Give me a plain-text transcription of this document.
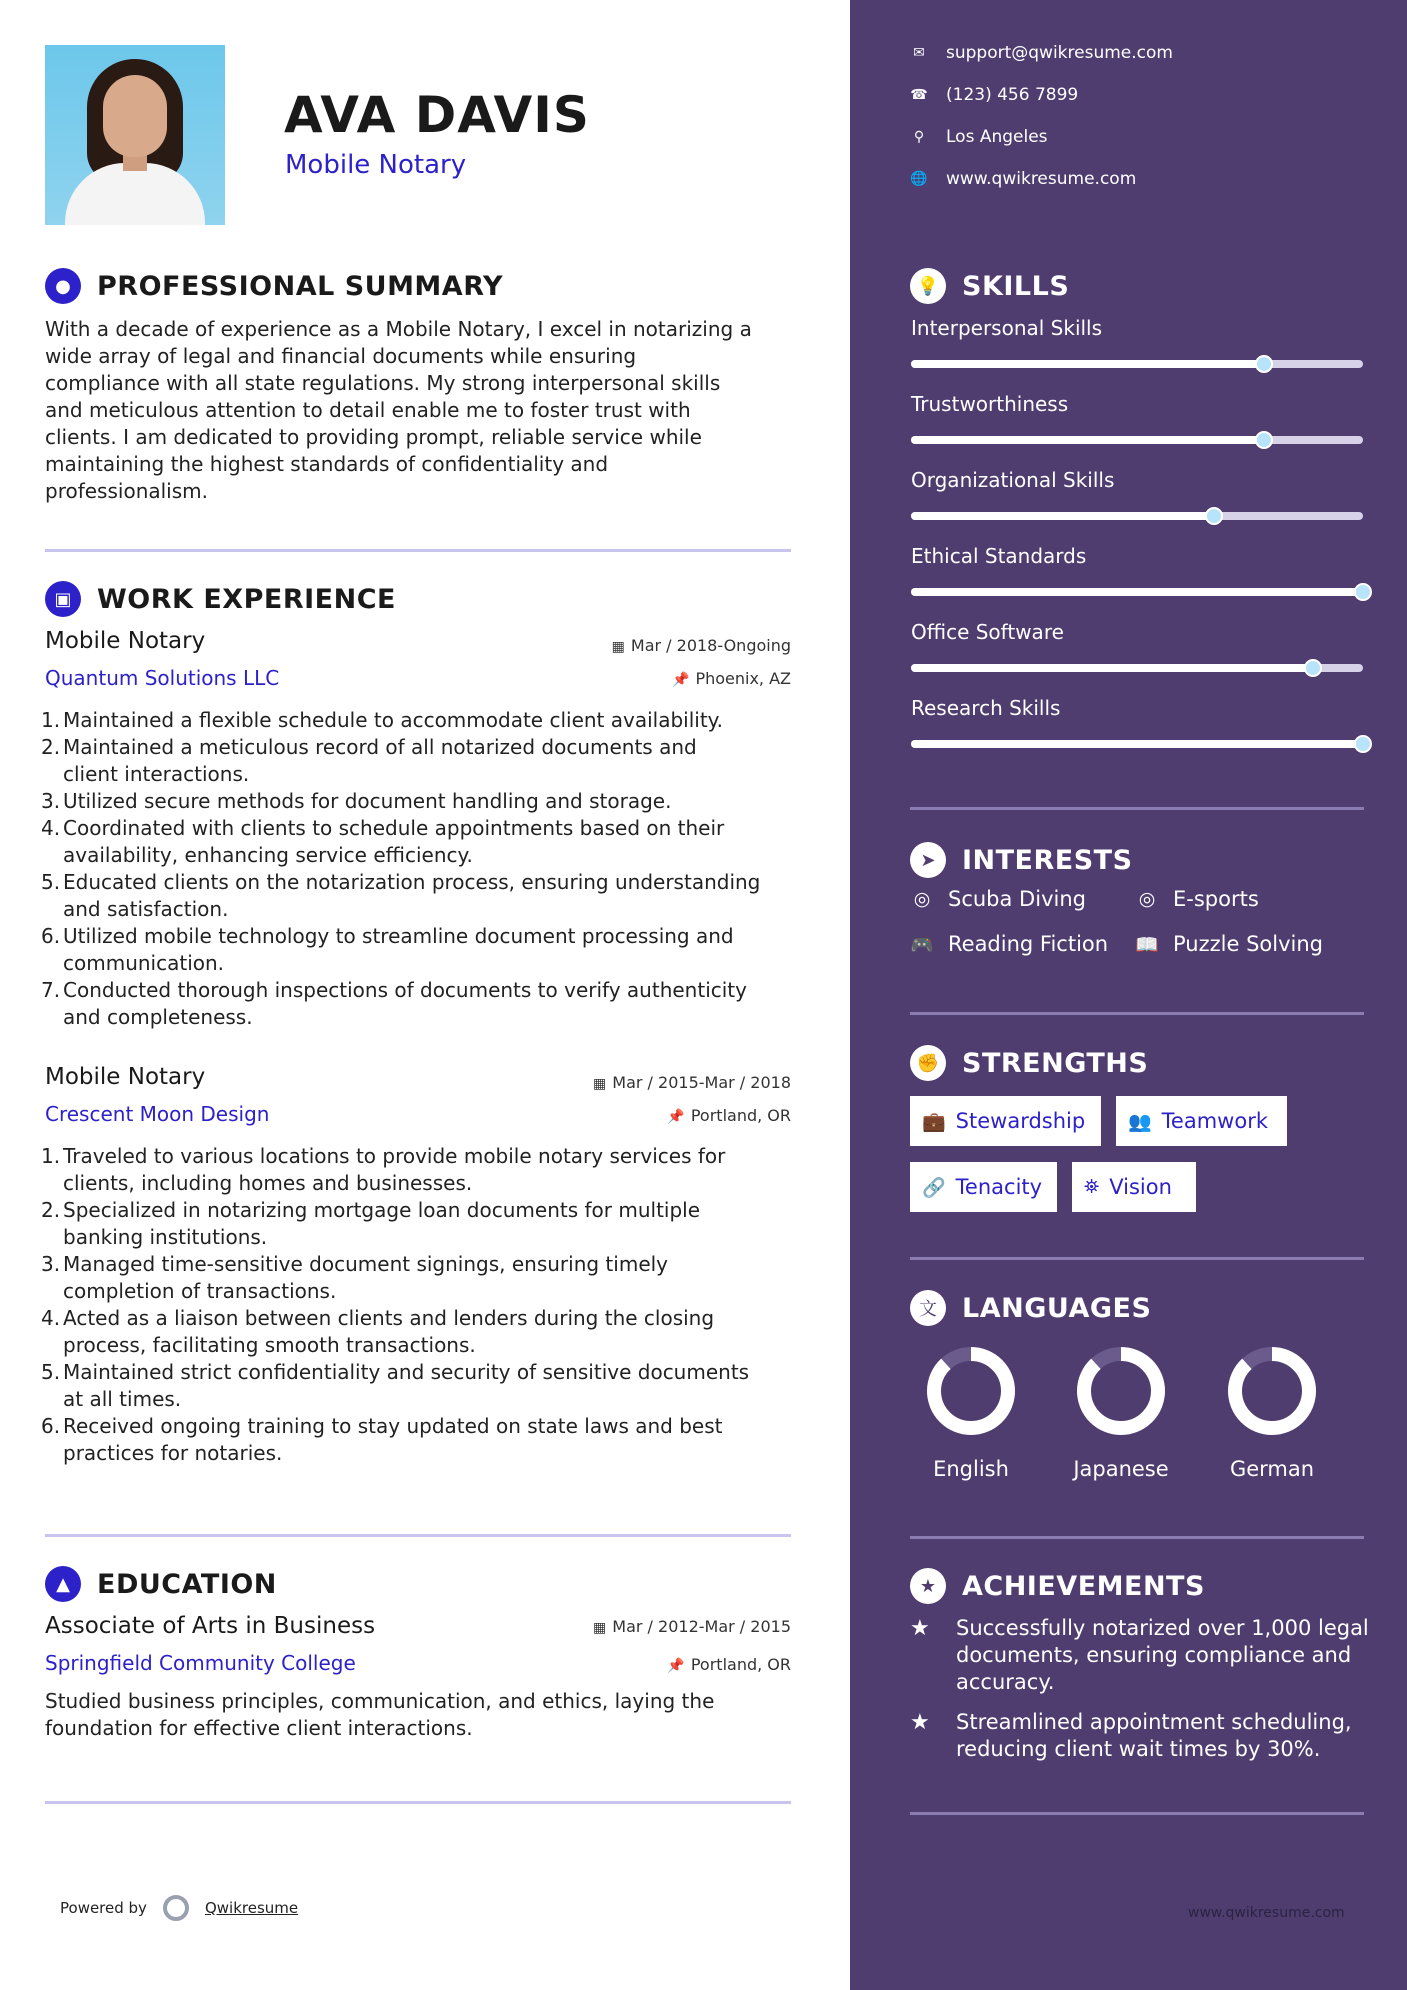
AVA DAVIS
Mobile Notary
● PROFESSIONAL SUMMARY
With a decade of experience as a Mobile Notary, I excel in notarizing a
wide array of legal and financial documents while ensuring
compliance with all state regulations. My strong interpersonal skills
and meticulous attention to detail enable me to foster trust with
clients. I am dedicated to providing prompt, reliable service while
maintaining the highest standards of confidentiality and
professionalism.
▣ WORK EXPERIENCE
Mobile Notary	▦ Mar / 2018-Ongoing
Quantum Solutions LLC	📌 Phoenix, AZ
1. Maintained a flexible schedule to accommodate client availability.
2. Maintained a meticulous record of all notarized documents and
client interactions.
3. Utilized secure methods for document handling and storage.
4. Coordinated with clients to schedule appointments based on their
availability, enhancing service efficiency.
5. Educated clients on the notarization process, ensuring understanding
and satisfaction.
6. Utilized mobile technology to streamline document processing and
communication.
7. Conducted thorough inspections of documents to verify authenticity
and completeness.
Mobile Notary	▦ Mar / 2015-Mar / 2018
Crescent Moon Design	📌 Portland, OR
1. Traveled to various locations to provide mobile notary services for
clients, including homes and businesses.
2. Specialized in notarizing mortgage loan documents for multiple
banking institutions.
3. Managed time-sensitive document signings, ensuring timely
completion of transactions.
4. Acted as a liaison between clients and lenders during the closing
process, facilitating smooth transactions.
5. Maintained strict confidentiality and security of sensitive documents
at all times.
6. Received ongoing training to stay updated on state laws and best
practices for notaries.
▲	EDUCATION
Associate of Arts in Business	▦ Mar / 2012-Mar / 2015
Springfield Community College	📌 Portland, OR
Studied business principles, communication, and ethics, laying the
foundation for effective client interactions.
Powered by	Qwikresume
✉ support@qwikresume.com
☎ (123) 456 7899
⚲ Los Angeles
🌐 www.qwikresume.com
💡 SKILLS
Interpersonal Skills
Trustworthiness
Organizational Skills
Ethical Standards
Office Software
Research Skills
➤ INTERESTS
◎ Scuba Diving	◎ E-sports
🎮 Reading Fiction 📖 Puzzle Solving
✊ STRENGTHS
💼 Stewardship 👥 Teamwork
🔗 Tenacity ⛯ Vision
文 LANGUAGES
English	Japanese	German
★ ACHIEVEMENTS
★	Successfully notarized over 1,000 legal
documents, ensuring compliance and
accuracy.
★	Streamlined appointment scheduling,
reducing client wait times by 30%.
www.qwikresume.com
